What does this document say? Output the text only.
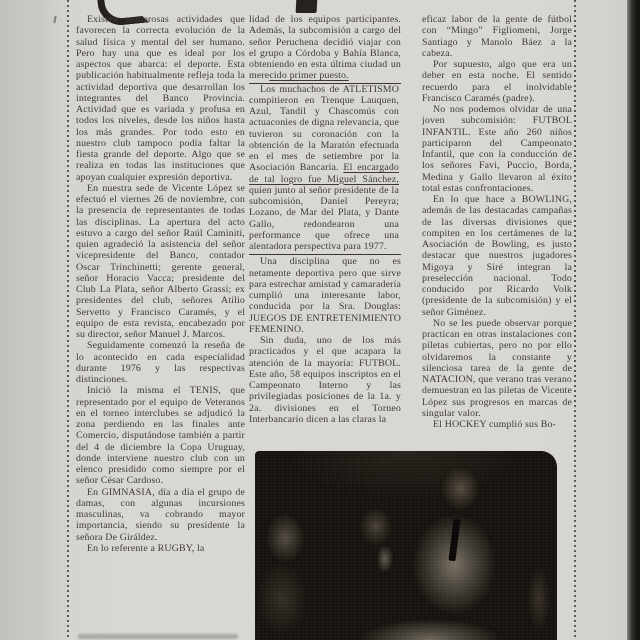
Existen numerosas actividades que favorecen la correcta evolución de la salud física y mental del ser humano. Pero hay una que es ideal por los aspectos que abarca: el deporte. Esta publicación habitualmente refleja toda la actividad deportiva que desarrollan los integrantes del Banco Provincia. Actividad que es variada y profusa en todos los niveles, desde los niños hasta los más grandes. Por todo esto en nuestro club tampoco podía faltar la fiesta grande del deporte. Algo que se realiza en todas las instituciones que apoyan cualquier expresión deportiva.

En nuestra sede de Vicente López se efectuó el viernes 26 de noviembre, con la presencia de representantes de todas las disciplinas. La apertura del acto estuvo a cargo del señor Raúl Caminiti, quien agradeció la asistencia del señor vicepresidente del Banco, contador Oscar Trinchinetti; gerente general, señor Horacio Vacca; presidente del Club La Plata, señor Alberto Grassi; ex presidentes del club, señores Atilio Servetto y Francisco Caramés, y el equipo de esta revista, encabezado por su director, señor Manuel J. Marcos.

Seguidamente comenzó la reseña de lo acontecido en cada especialidad durante 1976 y las respectivas distinciones.

Inició la misma el TENIS, que representado por el equipo de Veteranos en el torneo interclubes se adjudicó la zona perdiendo en las finales ante Comercio, disputándose también a partir del 4 de diciembre la Copa Uruguay, donde interviene nuestro club con un elenco presidido como siempre por el señor César Cardoso.

En GIMNASIA, día a día el grupo de damas, con algunas incursiones masculinas, va cobrando mayor importancia, siendo su presidente la señora De Giráldez.

En lo referente a RUGBY, la

lidad de los equipos participantes. Además, la subcomisión a cargo del señor Peruchena decidió viajar con el grupo a Córdoba y Bahía Blanca, obteniendo en esta última ciudad un merecido primer puesto.

Los muchachos de ATLETISMO compitieron en Trenque Lauquen, Azul, Tandil y Chascomús con actuaconies de digna relevancia, que tuvieron su coronación con la obtención de la Maratón efectuada en el mes de setiembre por la Asociación Bancaria. El encargado de tal logro fue Miguel Sánchez, quien junto al señor presidente de la subcomisión, Daniel Pereyra; Lozano, de Mar del Plata, y Dante Gallo, redondearon una performance que ofrece una alentadora perspectiva para 1977.

Una disciplina que no es netamente deportiva pero que sirve para estrechar amistad y camaradería cumplió una interesante labor, conducida por la Sra. Douglas: JUEGOS DE ENTRETENIMIENTO FEMENINO.

Sin duda, uno de los más practicados y el que acapara la atención de la mayoría: FUTBOL. Este año, 58 equipos inscriptos en el Campeonato Interno y las privilegiadas posiciones de la 1a. y 2a. divisiones en el Torneo Interbancario dicen a las claras la

eficaz labor de la gente de fútbol con “Mingo” Figliomeni, Jorge Santiago y Manolo Báez a la cabeza.

Por supuesto, algo que era un deber en esta noche. El sentido recuerdo para el inolvidable Francisco Caramés (padre).

No nos podemos olvidar de una joven subcomisión: FUTBOL INFANTIL. Este año 260 niños participaron del Campeonato Infantil, que con la conducción de los señores Favi, Puccio, Borda, Medina y Gallo llevaron al éxito total estas confrontaciones.

En lo que hace a BOWLING, además de las destacadas campañas de las diversas divisiones que compiten en los certámenes de la Asociación de Bowling, es justo destacar que nuestros jugadores Migoya y Siré integran la preselección nacional. Todo conducido por Ricardo Volk (presidente de la subcomisión) y el señor Giménez.

No se les puede observar porque practican en otras instalaciones con piletas cubiertas, pero no por ello olvidaremos la constante y silenciosa tarea de la gente de NATACION, que verano tras verano demuestran en las piletas de Vicente López sus progresos en marcas de singular valor.

El HOCKEY cumplió sus Bo-
